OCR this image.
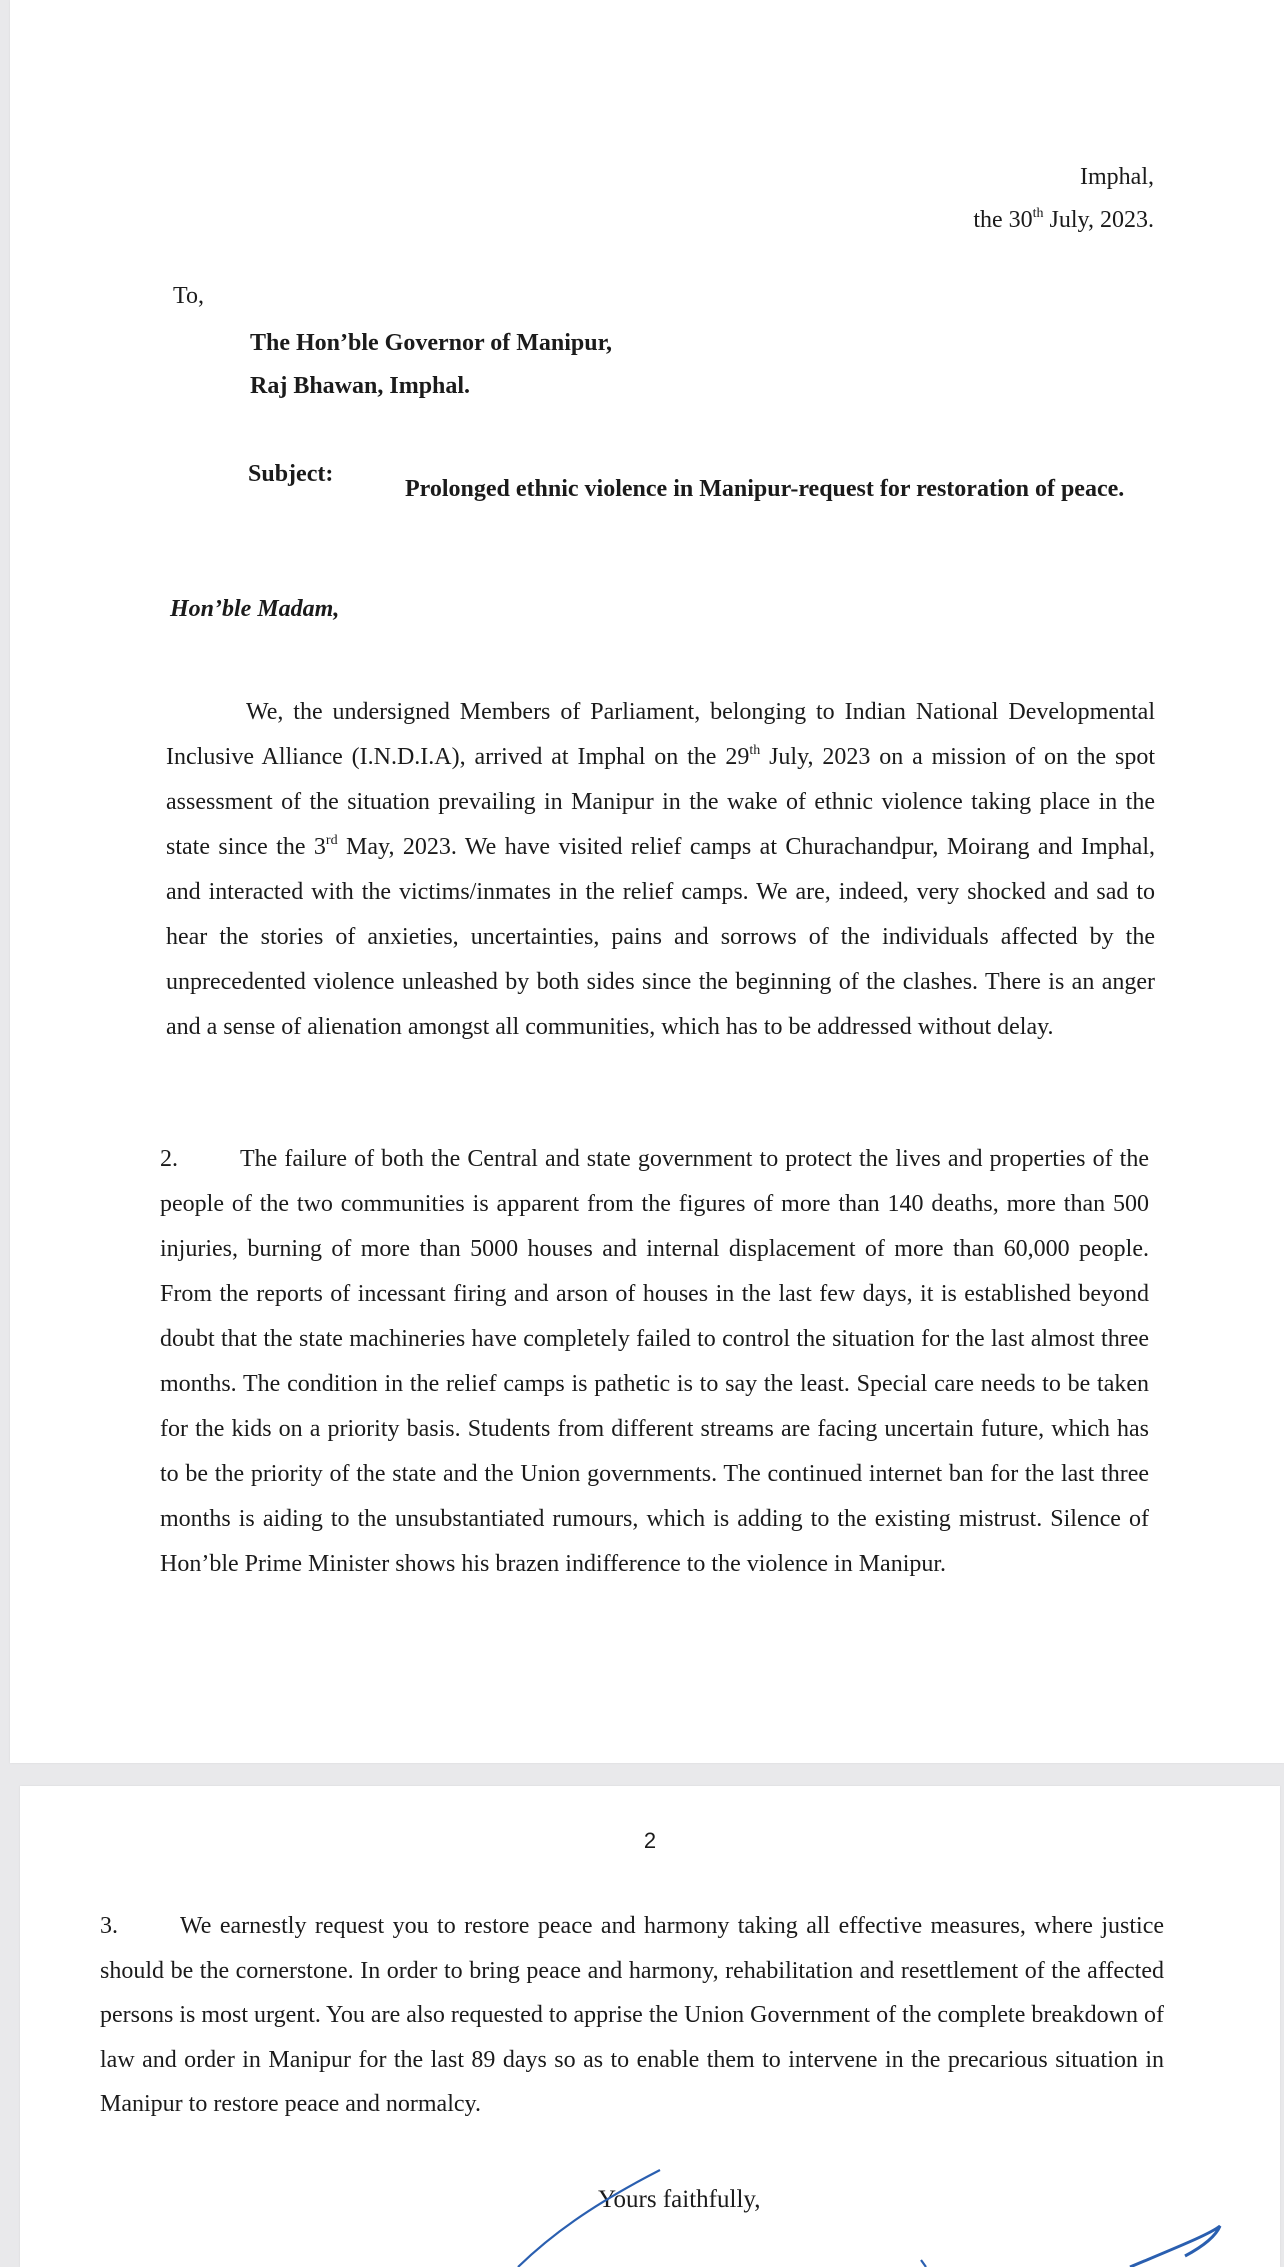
Imphal,
the 30th July, 2023.
To,
The Hon’ble Governor of Manipur,
Raj Bhawan, Imphal.
Subject:
Prolonged ethnic violence in Manipur-request for restoration of peace.
Hon’ble Madam,
We, the undersigned Members of Parliament, belonging to Indian National Developmental Inclusive Alliance (I.N.D.I.A), arrived at Imphal on the 29th July, 2023 on a mission of on the spot assessment of the situation prevailing in Manipur in the wake of ethnic violence taking place in the state since the 3rd May, 2023. We have visited relief camps at Churachandpur, Moirang and Imphal, and interacted with the victims/inmates in the relief camps. We are, indeed, very shocked and sad to hear the stories of anxieties, uncertainties, pains and sorrows of the individuals affected by the unprecedented violence unleashed by both sides since the beginning of the clashes. There is an anger and a sense of alienation amongst all communities, which has to be addressed without delay.
2.	The failure of both the Central and state government to protect the lives and properties of the people of the two communities is apparent from the figures of more than 140 deaths, more than 500 injuries, burning of more than 5000 houses and internal displacement of more than 60,000 people. From the reports of incessant firing and arson of houses in the last few days, it is established beyond doubt that the state machineries have completely failed to control the situation for the last almost three months. The condition in the relief camps is pathetic is to say the least. Special care needs to be taken for the kids on a priority basis. Students from different streams are facing uncertain future, which has to be the priority of the state and the Union governments. The continued internet ban for the last three months is aiding to the unsubstantiated rumours, which is adding to the existing mistrust. Silence of Hon’ble Prime Minister shows his brazen indifference to the violence in Manipur.
2
3.	We earnestly request you to restore peace and harmony taking all effective measures, where justice should be the cornerstone. In order to bring peace and harmony, rehabilitation and resettlement of the affected persons is most urgent. You are also requested to apprise the Union Government of the complete breakdown of law and order in Manipur for the last 89 days so as to enable them to intervene in the precarious situation in Manipur to restore peace and normalcy.
Yours faithfully,
